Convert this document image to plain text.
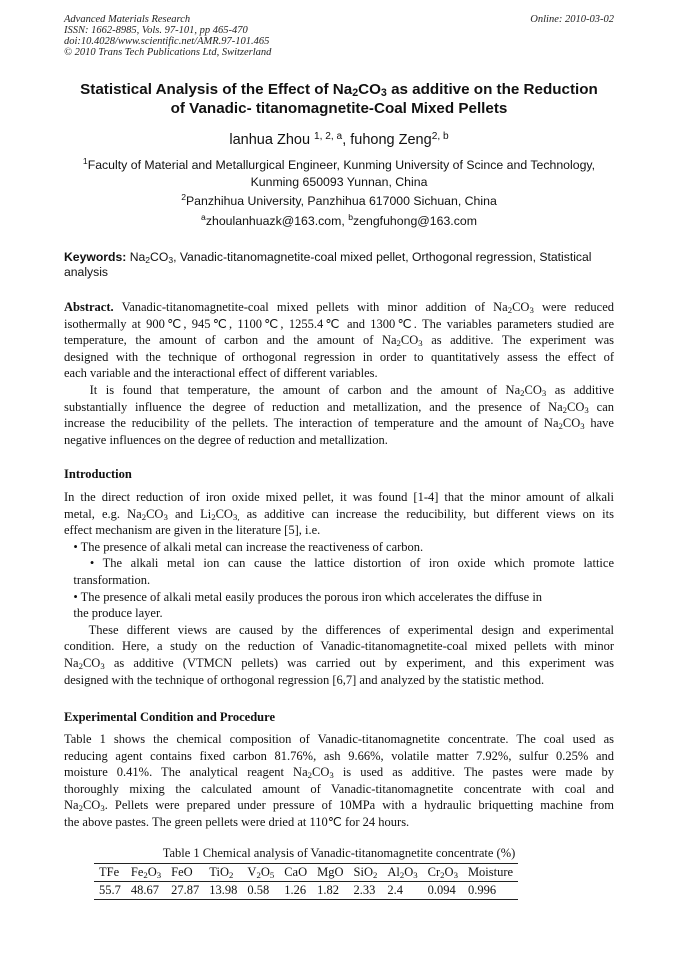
Advanced Materials Research
ISSN: 1662-8985, Vols. 97-101, pp 465-470
doi:10.4028/www.scientific.net/AMR.97-101.465
© 2010 Trans Tech Publications Ltd, Switzerland
Online: 2010-03-02
Statistical Analysis of the Effect of $Na_2CO_3$ as additive on the Reduction
of Vanadic- titanomagnetite-Coal Mixed Pellets
lanhua Zhou $^{1, 2, a}$, fuhong Zeng$^{2, b}$
$^1$Faculty of Material and Metallurgical Engineer, Kunming University of Scince and Technology,
Kunming 650093 Yunnan, China
$^2$Panzhihua University, Panzhihua 617000 Sichuan, China
$^a$zhoulanhuazk@163.com, $^b$zengfuhong@163.com
Keywords: $Na_2CO_3$, Vanadic-titanomagnetite-coal mixed pellet, Orthogonal regression, Statistical
analysis
Abstract. Vanadic-titanomagnetite-coal mixed pellets with minor addition of $Na_2CO_3$ were reduced
isothermally at 900℃, 945℃, 1100℃, 1255.4℃ and 1300℃. The variables parameters studied are
temperature, the amount of carbon and the amount of $Na_2CO_3$ as additive. The experiment was
designed with the technique of orthogonal regression in order to quantitatively assess the effect of
each variable and the interactional effect of different variables.
It is found that temperature, the amount of carbon and the amount of $Na_2CO_3$ as additive
substantially influence the degree of reduction and metallization, and the presence of $Na_2CO_3$ can
increase the reducibility of the pellets. The interaction of temperature and the amount of $Na_2CO_3$ have
negative influences on the degree of reduction and metallization.
Introduction
In the direct reduction of iron oxide mixed pellet, it was found [1-4] that the minor amount of alkali
metal, e.g. $Na_2CO_3$ and $Li_2CO_{3,}$ as additive can increase the reducibility, but different views on its
effect mechanism are given in the literature [5], i.e.
• The presence of alkali metal can increase the reactiveness of carbon.
• The alkali metal ion can cause the lattice distortion of iron oxide which promote lattice
transformation.
• The presence of alkali metal easily produces the porous iron which accelerates the diffuse in
the produce layer.
These different views are caused by the differences of experimental design and experimental
condition. Here, a study on the reduction of Vanadic-titanomagnetite-coal mixed pellets with minor
$Na_2CO_3$ as additive (VTMCN pellets) was carried out by experiment, and this experiment was
designed with the technique of orthogonal regression [6,7] and analyzed by the statistic method.
Experimental Condition and Procedure
Table 1 shows the chemical composition of Vanadic-titanomagnetite concentrate. The coal used as
reducing agent contains fixed carbon 81.76%, ash 9.66%, volatile matter 7.92%, sulfur 0.25% and
moisture 0.41%. The analytical reagent $Na_2CO_3$ is used as additive. The pastes were made by
thoroughly mixing the calculated amount of Vanadic-titanomagnetite concentrate with coal and
$Na_2CO_3$. Pellets were prepared under pressure of 10MPa with a hydraulic briquetting machine from
the above pastes. The green pellets were dried at 110℃ for 24 hours.
Table 1 Chemical analysis of Vanadic-titanomagnetite concentrate (%)
TFe	$Fe_2O_3$	FeO	TiO$_2$	$V_2O_5$	CaO	MgO	SiO$_2$	$Al_2O_3$	$Cr_2O_3$	Moisture
55.7	48.67	27.87	13.98	0.58	1.26	1.82	2.33	2.4	0.094	0.996
